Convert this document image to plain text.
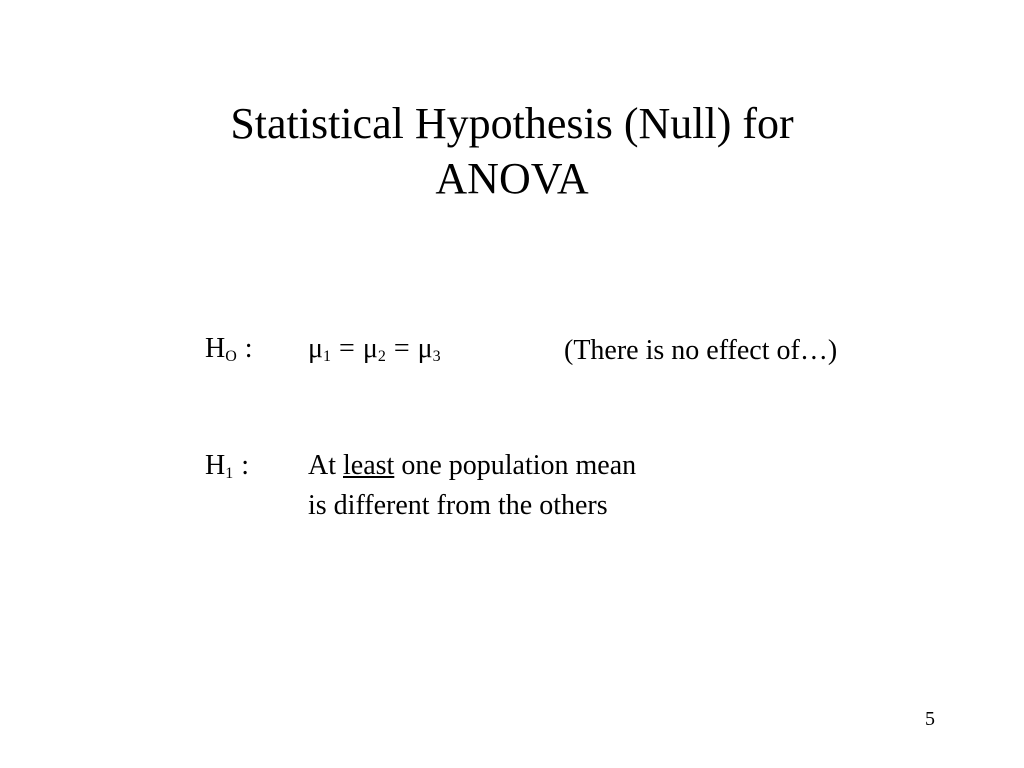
Statistical Hypothesis (Null) for
ANOVA
$H_O$ : $\mu_1 = \mu_2 = \mu_3$	(There is no effect of…)
$H_1$ : At least one population mean
is different from the others
5
